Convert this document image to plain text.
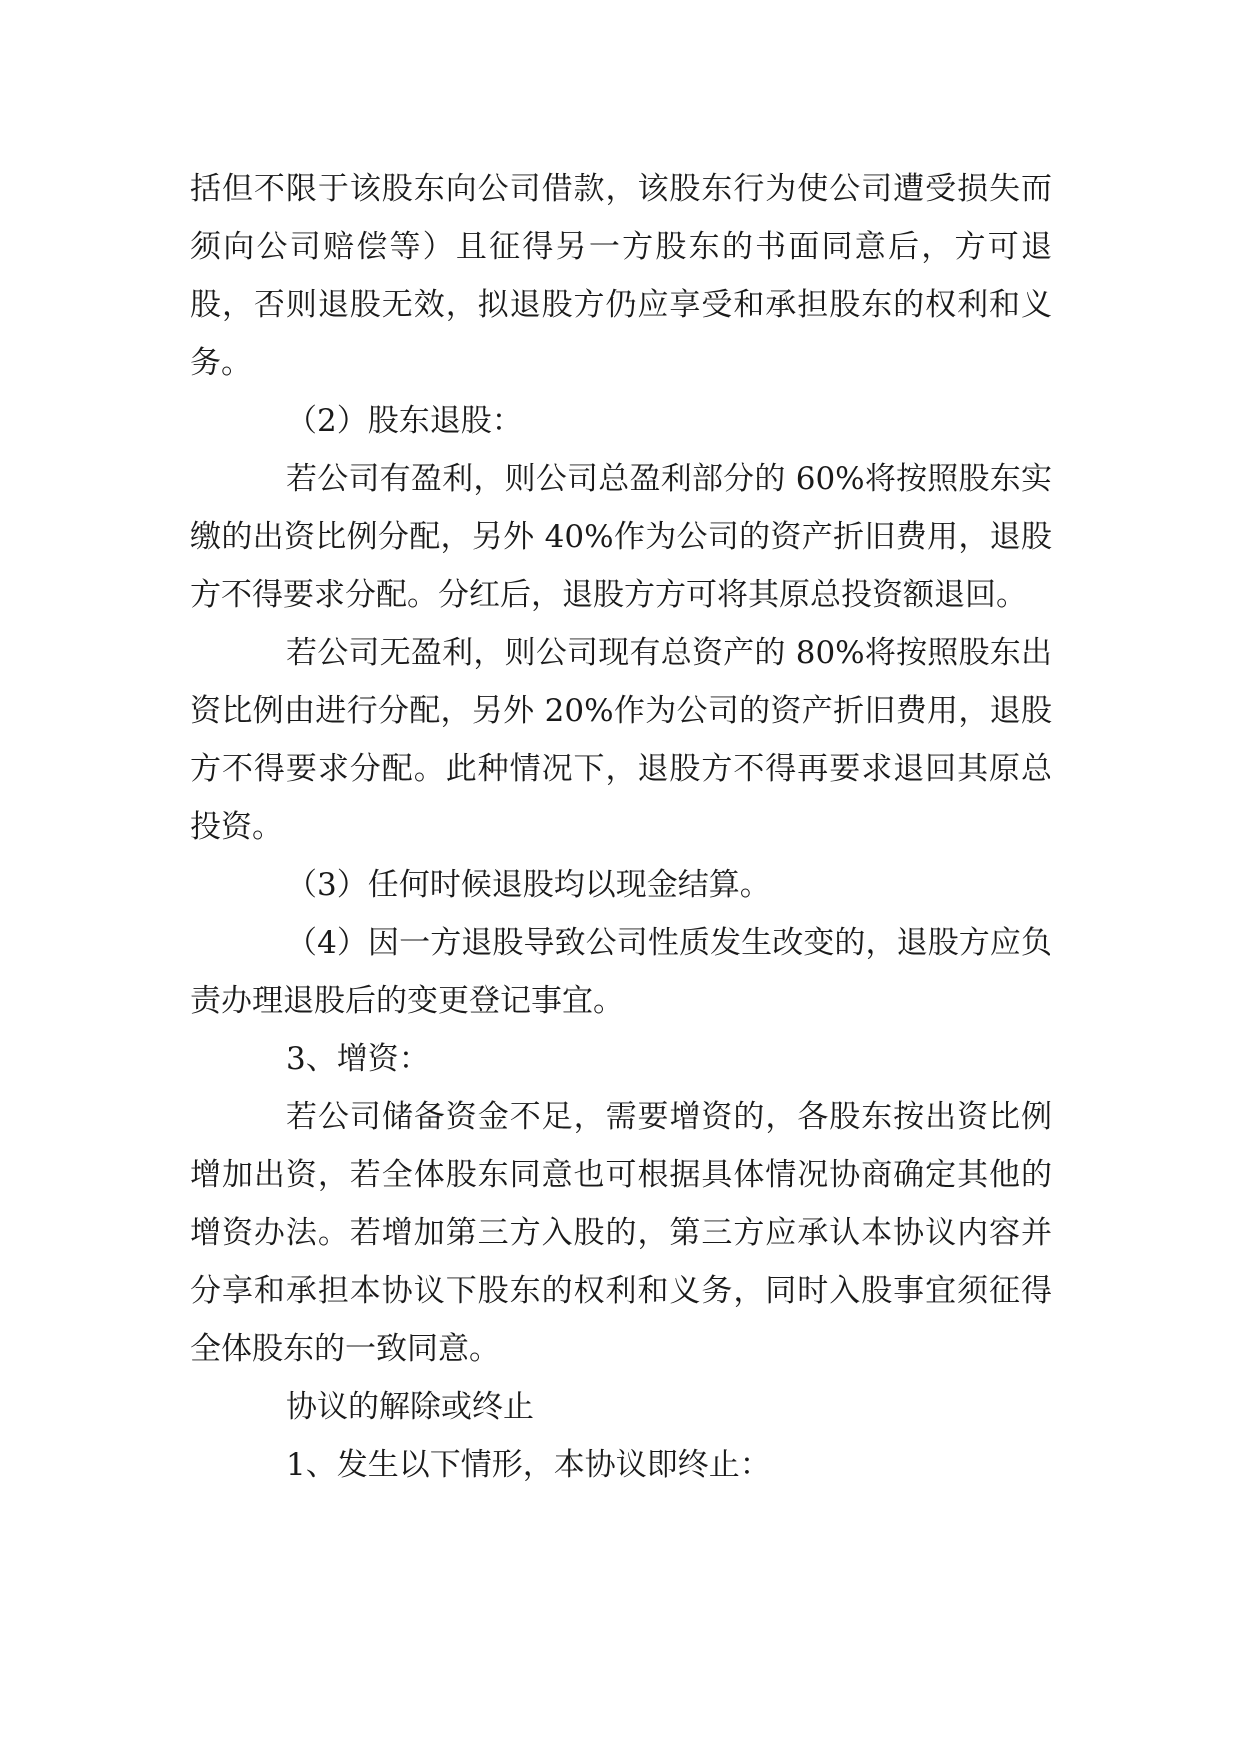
括但不限于该股东向公司借款，该股东行为使公司遭受损失而须向公司赔偿等）且征得另一方股东的书面同意后，方可退股，否则退股无效，拟退股方仍应享受和承担股东的权利和义务。

（2）股东退股：

若公司有盈利，则公司总盈利部分的 60%将按照股东实缴的出资比例分配，另外 40%作为公司的资产折旧费用，退股方不得要求分配。分红后，退股方方可将其原总投资额退回。

若公司无盈利，则公司现有总资产的 80%将按照股东出资比例由进行分配，另外 20%作为公司的资产折旧费用，退股方不得要求分配。此种情况下，退股方不得再要求退回其原总投资。

（3）任何时候退股均以现金结算。

（4）因一方退股导致公司性质发生改变的，退股方应负责办理退股后的变更登记事宜。

3、增资：

若公司储备资金不足，需要增资的，各股东按出资比例增加出资，若全体股东同意也可根据具体情况协商确定其他的增资办法。若增加第三方入股的，第三方应承认本协议内容并分享和承担本协议下股东的权利和义务，同时入股事宜须征得全体股东的一致同意。

协议的解除或终止

1、发生以下情形，本协议即终止：
